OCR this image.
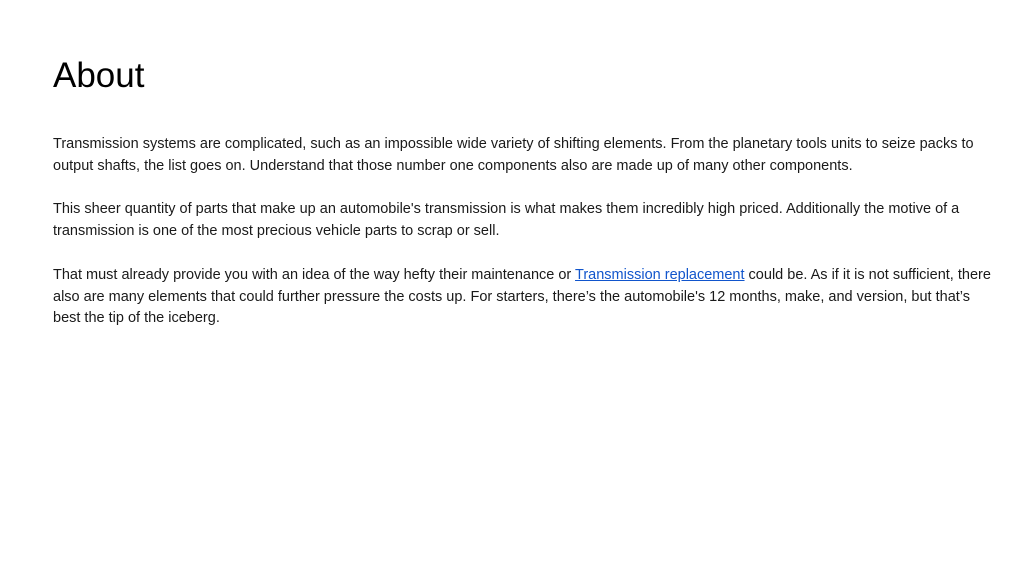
About

Transmission systems are complicated, such as an impossible wide variety of shifting elements. From the planetary tools units to seize packs to output shafts, the list goes on. Understand that those number one components also are made up of many other components.

This sheer quantity of parts that make up an automobile's transmission is what makes them incredibly high priced. Additionally the motive of a transmission is one of the most precious vehicle parts to scrap or sell.

That must already provide you with an idea of the way hefty their maintenance or Transmission replacement could be. As if it is not sufficient, there also are many elements that could further pressure the costs up. For starters, there’s the automobile's 12 months, make, and version, but that’s best the tip of the iceberg.
